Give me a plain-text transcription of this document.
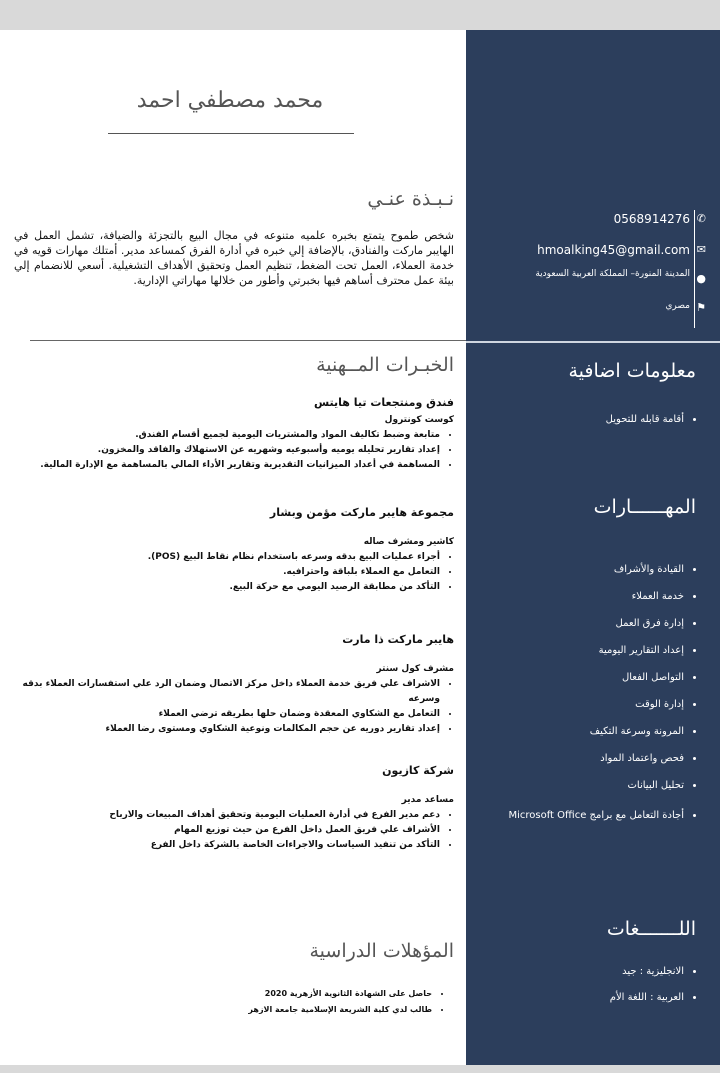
محمد مصطفي احمد
نـبـذة عنـي
شخص طموح يتمتع بخبره علميه متنوعه في مجال البيع بالتجزئة والضيافة، تشمل العمل في الهايبر ماركت والفنادق، بالإضافة إلي خبره في أدارة الفرق كمساعد مدير. أمتلك مهارات قويه في خدمة العملاء، العمل تحت الضغط، تنظيم العمل وتحقيق الأهداف التشغيلية. أسعي للانضمام إلي بيئة عمل محترف أساهم فيها بخبرتي وأطور من خلالها مهاراتي الإدارية.
الخبـرات المــهنية

فندق ومنتجعات تيا هايتس

كوست كونترول

• متابعة وضبط تكاليف المواد والمشتريات اليومية لجميع أقسام الفندق.
• إعداد تقارير تحليله يوميه وأسبوعيه وشهريه عن الاستهلاك والفاقد والمخزون.
• المساهمة في أعداد الميزانيات التقديرية وتقارير الأداء المالي بالمساهمة مع الإدارة المالية.

مجموعة هايبر ماركت مؤمن وبشار

كاشير ومشرف صاله

• أجراء عمليات البيع بدقه وسرعه باستخدام نظام نقاط البيع (POS).
• التعامل مع العملاء بلباقة واحترافيه.
• التأكد من مطابقة الرصيد اليومي مع حركة البيع.

هايبر ماركت ذا مارت

مشرف كول سنتر

• الاشراف علي فريق خدمة العملاء داخل مركز الاتصال وضمان الرد علي استفسارات العملاء بدقه وسرعه
• التعامل مع الشكاوي المعقدة وضمان حلها بطريقه ترضي العملاء
• إعداد تقارير دوريه عن حجم المكالمات ونوعية الشكاوي ومستوى رضا العملاء

شركة كازيون

مساعد مدير

• دعم مدير الفرع في أدارة العمليات اليومية وتحقيق أهداف المبيعات والارباح
• الأشراف علي فريق العمل داخل الفرع من حيث توزيع المهام
• التأكد من تنفيذ السياسات والاجراءات الخاصة بالشركة داخل الفرع
المؤهلات الدراسية
• حاصل على الشهادة الثانوية الأزهرية 2020
• طالب لدي كلية الشريعة الإسلامية جامعة الازهر
0568914276 ✆
hmoalking45@gmail.com ✉
المدينة المنورة– المملكة العربية السعودية ●
مصري ⚑
معلومات اضافية
• أقامة قابله للتحويل
المهــــــارات
• القيادة والأشراف
• خدمة العملاء
• إدارة فرق العمل
• إعداد التقارير اليومية
• التواصل الفعال
• إدارة الوقت
• المرونة وسرعة التكيف
• فحص واعتماد المواد
• تحليل البيانات
• أجادة التعامل مع برامج Microsoft Office
اللـــــــغات
• الانجليزية : جيد
• العربية : اللغة الأم
